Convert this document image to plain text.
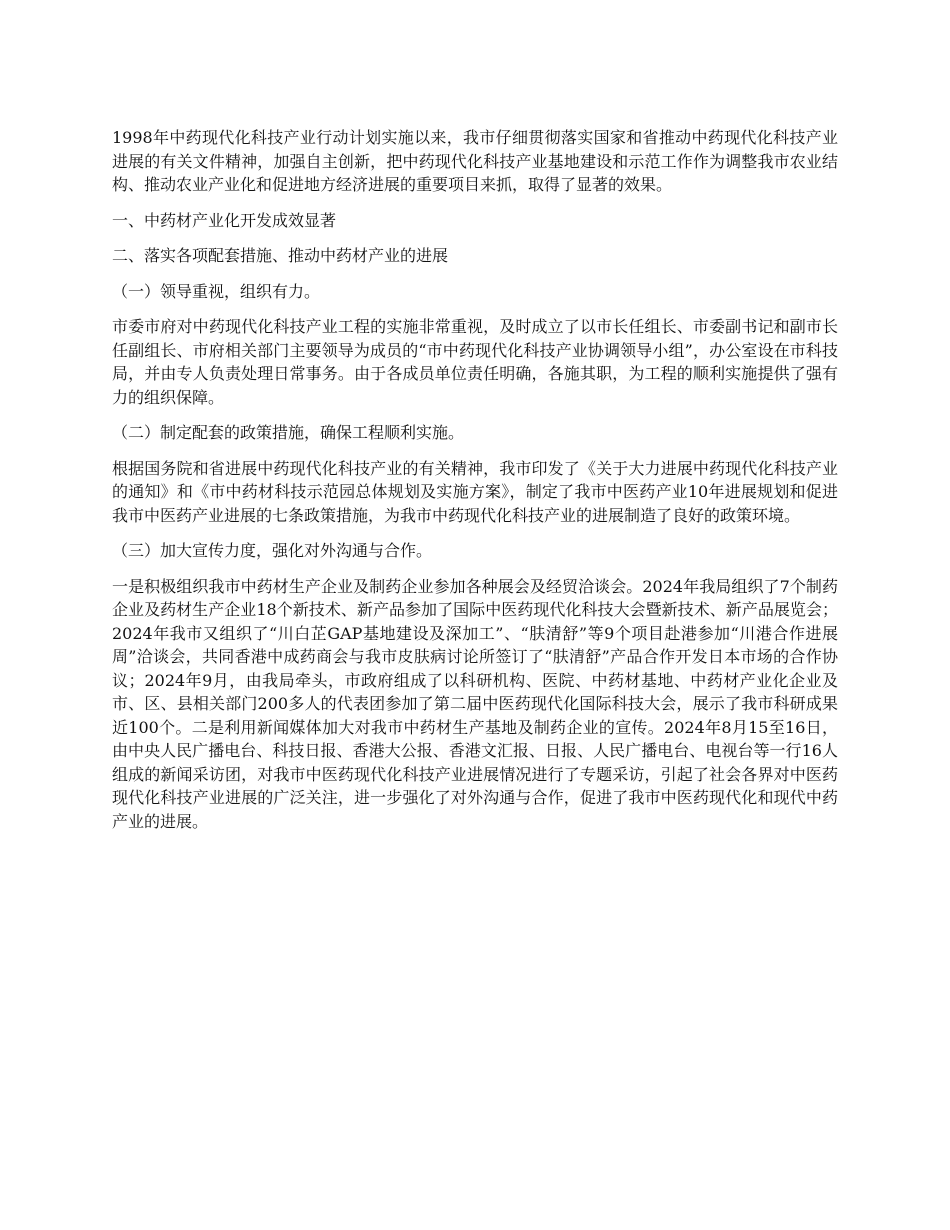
1998年中药现代化科技产业行动计划实施以来，我市仔细贯彻落实国家和省推动中药现代化科技产业进展的有关文件精神，加强自主创新，把中药现代化科技产业基地建设和示范工作作为调整我市农业结构、推动农业产业化和促进地方经济进展的重要项目来抓，取得了显著的效果。

一、中药材产业化开发成效显著

二、落实各项配套措施、推动中药材产业的进展

（一）领导重视，组织有力。

市委市府对中药现代化科技产业工程的实施非常重视，及时成立了以市长任组长、市委副书记和副市长任副组长、市府相关部门主要领导为成员的“市中药现代化科技产业协调领导小组”，办公室设在市科技局，并由专人负责处理日常事务。由于各成员单位责任明确，各施其职，为工程的顺利实施提供了强有力的组织保障。

（二）制定配套的政策措施，确保工程顺利实施。

根据国务院和省进展中药现代化科技产业的有关精神，我市印发了《关于大力进展中药现代化科技产业的通知》和《市中药材科技示范园总体规划及实施方案》，制定了我市中医药产业10年进展规划和促进我市中医药产业进展的七条政策措施，为我市中药现代化科技产业的进展制造了良好的政策环境。

（三）加大宣传力度，强化对外沟通与合作。

一是积极组织我市中药材生产企业及制药企业参加各种展会及经贸洽谈会。2024年我局组织了7个制药企业及药材生产企业18个新技术、新产品参加了国际中医药现代化科技大会暨新技术、新产品展览会；2024年我市又组织了“川白芷GAP基地建设及深加工”、“肤清舒”等9个项目赴港参加“川港合作进展周”洽谈会，共同香港中成药商会与我市皮肤病讨论所签订了“肤清舒”产品合作开发日本市场的合作协议；2024年9月，由我局牵头，市政府组成了以科研机构、医院、中药材基地、中药材产业化企业及市、区、县相关部门200多人的代表团参加了第二届中医药现代化国际科技大会，展示了我市科研成果近100个。二是利用新闻媒体加大对我市中药材生产基地及制药企业的宣传。2024年8月15至16日，由中央人民广播电台、科技日报、香港大公报、香港文汇报、日报、人民广播电台、电视台等一行16人组成的新闻采访团，对我市中医药现代化科技产业进展情况进行了专题采访，引起了社会各界对中医药现代化科技产业进展的广泛关注，进一步强化了对外沟通与合作，促进了我市中医药现代化和现代中药产业的进展。
